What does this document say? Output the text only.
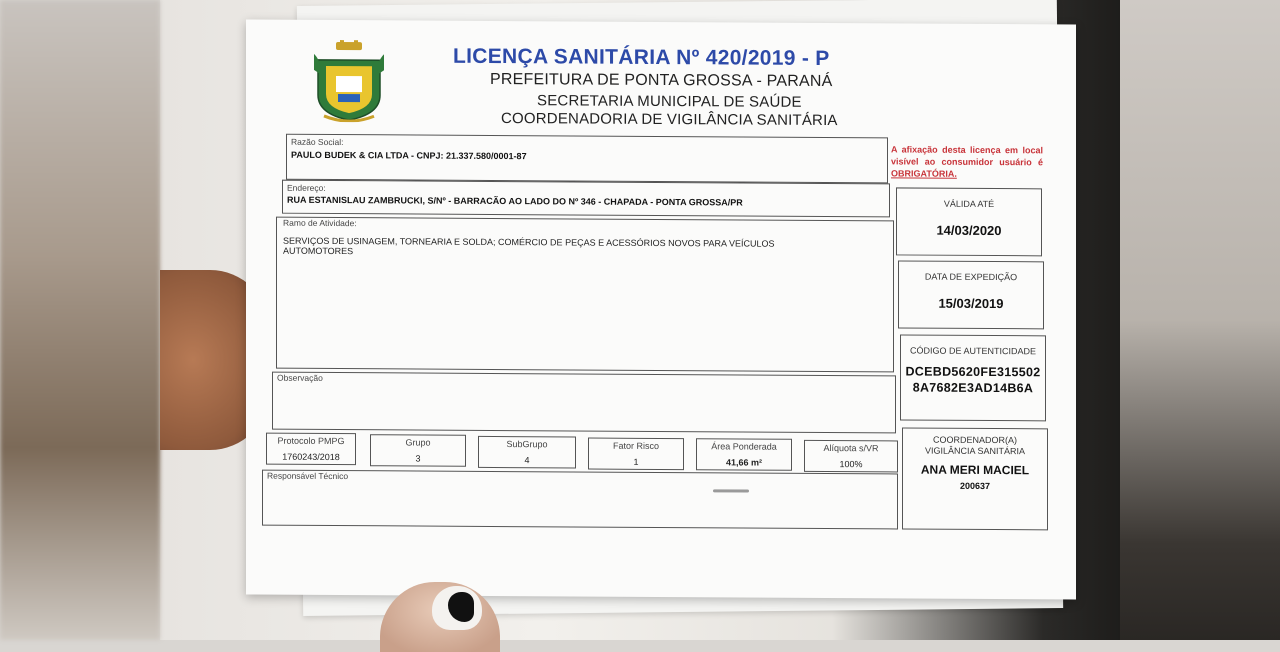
LICENÇA SANITÁRIA Nº 420/2019 - P
PREFEITURA DE PONTA GROSSA - PARANÁ
SECRETARIA MUNICIPAL DE SAÚDE
COORDENADORIA DE VIGILÂNCIA SANITÁRIA
Razão Social:
PAULO BUDEK & CIA LTDA - CNPJ: 21.337.580/0001-87	A afixação desta licença em local visível ao consumidor usuário é OBRIGATÓRIA.
Endereço:
RUA ESTANISLAU ZAMBRUCKI, S/Nº - BARRACÃO AO LADO DO Nº 346 - CHAPADA - PONTA GROSSA/PR
Ramo de Atividade:
SERVIÇOS DE USINAGEM, TORNEARIA E SOLDA; COMÉRCIO DE PEÇAS E ACESSÓRIOS NOVOS PARA VEÍCULOS AUTOMOTORES
Observação
Protocolo PMPG
1760243/2018
Grupo
3
SubGrupo
4
Fator Risco
1
Área Ponderada
41,66 m²
Alíquota s/VR
100%
Responsável Técnico
VÁLIDA ATÉ
14/03/2020
DATA DE EXPEDIÇÃO
15/03/2019
CÓDIGO DE AUTENTICIDADE
DCEBD5620FE315502
8A7682E3AD14B6A
COORDENADOR(A)
VIGILÂNCIA SANITÁRIA
ANA MERI MACIEL
200637
